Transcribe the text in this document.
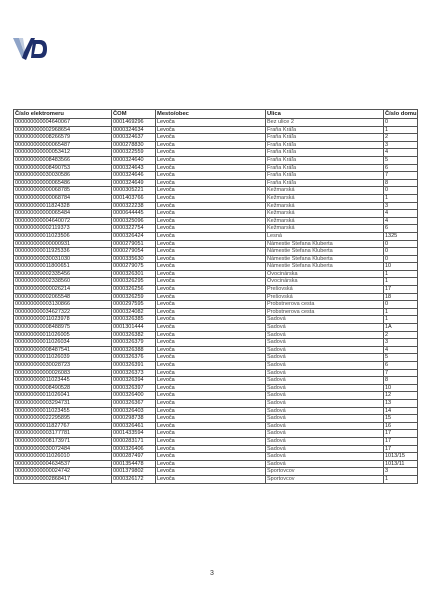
Číslo elektromeru	ČOM	Mesto/obec	Ulica	Číslo domu
000000000004640067	0001469296	Levoča	Bez ulice 2	0
000000000002968654	0000324634	Levoča	Fraňa Kráľa	1
000000000008266579	0000324637	Levoča	Fraňa Kráľa	2
000000000000065487	0000278830	Levoča	Fraňa Kráľa	3
000000000000053412	0000322559	Levoča	Fraňa Kráľa	4
000000000008483566	0000324640	Levoča	Fraňa Kráľa	5
000000000008490753	0000324643	Levoča	Fraňa Kráľa	6
000000000030030586	0000324646	Levoča	Fraňa Kráľa	7
000000000000065486	0000324649	Levoča	Fraňa Kráľa	8
000000000000068785	0000305221	Levoča	Kežmarská	0
000000000000068784	0001403766	Levoča	Kežmarská	1
000000000011824328	0000322238	Levoča	Kežmarská	3
000000000000065484	0000644445	Levoča	Kežmarská	4
000000000004640072	0000325096	Levoča	Kežmarská	4
000000000002119373	0000322754	Levoča	Kežmarská	6
000000000011023506	0000326424	Levoča	Lesná	1325
000000000000000931	0000279051	Levoča	Námestie Štefana Kluberta	0
000000000011925336	0000279054	Levoča	Námestie Štefana Kluberta	0
000000000030031030	0000335630	Levoča	Námestie Štefana Kluberta	0
000000000011800651	0000279075	Levoča	Námestie Štefana Kluberta	10
000000000002335456	0000326301	Levoča	Ovocinárska	1
000000000002338560	0000326295	Levoča	Ovocinárska	1
000000000000026214	0000326256	Levoča	Prešovská	17
000000000002065548	0000326259	Levoča	Prešovská	18
000000000003130866	0000297595	Levoča	Probstnerova cesta	0
000000000034627322	0000324082	Levoča	Probstnerova cesta	1
000000000011023978	0000326385	Levoča	Sadová	1
000000000008488975	0001301444	Levoča	Sadová	1A
000000000011026005	0000326382	Levoča	Sadová	2
000000000011026034	0000326379	Levoča	Sadová	3
000000000008487541	0000326388	Levoča	Sadová	4
000000000011026039	0000326376	Levoča	Sadová	5
000000000030028723	0000326391	Levoča	Sadová	6
000000000000026083	0000326373	Levoča	Sadová	7
000000000011023445	0000326394	Levoča	Sadová	8
000000000008490528	0000326397	Levoča	Sadová	10
000000000011026041	0000326400	Levoča	Sadová	12
000000000003294731	0000326367	Levoča	Sadová	13
000000000011023455	0000326403	Levoča	Sadová	14
000000000022295895	0000298738	Levoča	Sadová	15
000000000011827767	0000326461	Levoča	Sadová	16
000000000003177781	0001433594	Levoča	Sadová	17
000000000008173971	0000283171	Levoča	Sadová	17
000000000030072484	0000326406	Levoča	Sadová	17
000000000011026010	0000287497	Levoča	Sadová	1013/15
000000000004634537	0001354478	Levoča	Sadová	1013/11
000000000000024742	0001379802	Levoča	Športovcov	3
000000000002868417	0000326172	Levoča	Športovcov	1
3
